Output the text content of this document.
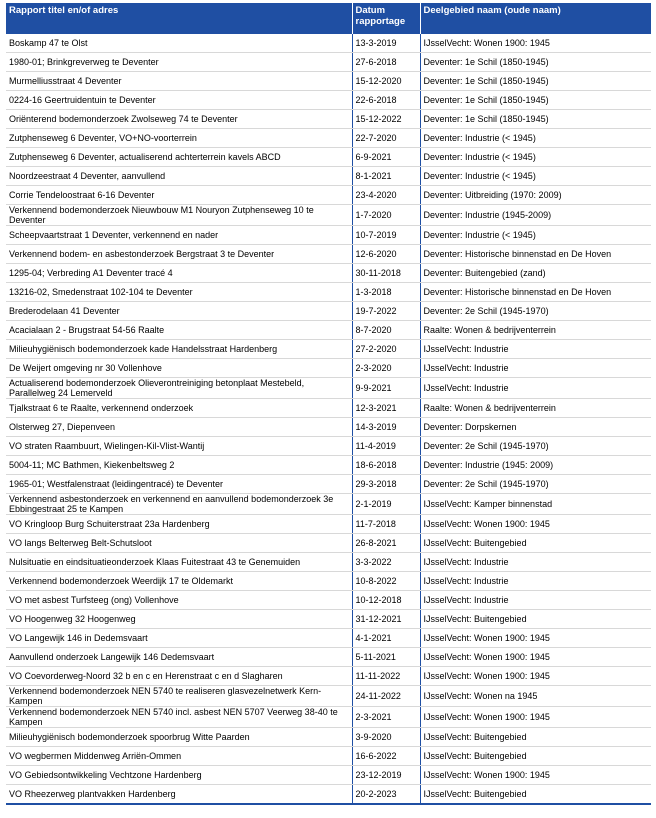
Rapport titel en/of adres	Datum rapportage	Deelgebied naam (oude naam)
Boskamp 47 te Olst	13-3-2019	IJsselVecht: Wonen 1900: 1945
1980-01; Brinkgreverweg te Deventer	27-6-2018	Deventer: 1e Schil (1850-1945)
Murmelliusstraat 4 Deventer	15-12-2020	Deventer: 1e Schil (1850-1945)
0224-16 Geertruidentuin te Deventer	22-6-2018	Deventer: 1e Schil (1850-1945)
Oriënterend bodemonderzoek Zwolseweg 74 te Deventer	15-12-2022	Deventer: 1e Schil (1850-1945)
Zutphenseweg 6 Deventer, VO+NO-voorterrein	22-7-2020	Deventer: Industrie (< 1945)
Zutphenseweg 6 Deventer, actualiserend achterterrein kavels ABCD	6-9-2021	Deventer: Industrie (< 1945)
Noordzeestraat 4 Deventer, aanvullend	8-1-2021	Deventer: Industrie (< 1945)
Corrie Tendeloostraat 6-16 Deventer	23-4-2020	Deventer: Uitbreiding (1970: 2009)
Verkennend bodemonderzoek Nieuwbouw M1 Nouryon Zutphenseweg 10 te Deventer	1-7-2020	Deventer: Industrie (1945-2009)
Scheepvaartstraat 1 Deventer, verkennend en nader	10-7-2019	Deventer: Industrie (< 1945)
Verkennend bodem- en asbestonderzoek Bergstraat 3 te Deventer	12-6-2020	Deventer: Historische binnenstad en De Hoven
1295-04; Verbreding A1 Deventer tracé 4	30-11-2018	Deventer: Buitengebied (zand)
13216-02, Smedenstraat 102-104 te Deventer	1-3-2018	Deventer: Historische binnenstad en De Hoven
Brederodelaan 41 Deventer	19-7-2022	Deventer: 2e Schil (1945-1970)
Acacialaan 2 - Brugstraat 54-56 Raalte	8-7-2020	Raalte: Wonen & bedrijventerrein
Milieuhygiënisch bodemonderzoek kade Handelsstraat Hardenberg	27-2-2020	IJsselVecht: Industrie
De Weijert omgeving nr 30 Vollenhove	2-3-2020	IJsselVecht: Industrie
Actualiserend bodemonderzoek Olieverontreiniging betonplaat Mestebeld, Parallelweg 24 Lemerveld	9-9-2021	IJsselVecht: Industrie
Tjalkstraat 6 te Raalte, verkennend onderzoek	12-3-2021	Raalte: Wonen & bedrijventerrein
Olsterweg 27, Diepenveen	14-3-2019	Deventer: Dorpskernen
VO straten Raambuurt, Wielingen-Kil-Vlist-Wantij	11-4-2019	Deventer: 2e Schil (1945-1970)
5004-11; MC Bathmen, Kiekenbeltsweg 2	18-6-2018	Deventer: Industrie (1945: 2009)
1965-01; Westfalenstraat (leidingentracé) te Deventer	29-3-2018	Deventer: 2e Schil (1945-1970)
Verkennend asbestonderzoek en verkennend en aanvullend bodemonderzoek 3e Ebbingestraat 25 te Kampen	2-1-2019	IJsselVecht: Kamper binnenstad
VO Kringloop Burg Schuiterstraat 23a Hardenberg	11-7-2018	IJsselVecht: Wonen 1900: 1945
VO langs Belterweg Belt-Schutsloot	26-8-2021	IJsselVecht: Buitengebied
Nulsituatie en eindsituatieonderzoek Klaas Fuitestraat 43 te Genemuiden	3-3-2022	IJsselVecht: Industrie
Verkennend bodemonderzoek Weerdijk 17 te Oldemarkt	10-8-2022	IJsselVecht: Industrie
VO met asbest Turfsteeg (ong) Vollenhove	10-12-2018	IJsselVecht: Industrie
VO Hoogenweg 32 Hoogenweg	31-12-2021	IJsselVecht: Buitengebied
VO Langewijk 146 in Dedemsvaart	4-1-2021	IJsselVecht: Wonen 1900: 1945
Aanvullend onderzoek Langewijk 146 Dedemsvaart	5-11-2021	IJsselVecht: Wonen 1900: 1945
VO Coevorderweg-Noord 32 b en c en Herenstraat c en d Slagharen	11-11-2022	IJsselVecht: Wonen 1900: 1945
Verkennend bodemonderzoek NEN 5740 te realiseren glasvezelnetwerk Kern-Kampen	24-11-2022	IJsselVecht: Wonen na 1945
Verkennend bodemonderzoek NEN 5740 incl. asbest NEN 5707 Veerweg 38-40 te Kampen	2-3-2021	IJsselVecht: Wonen 1900: 1945
Milieuhygiënisch bodemonderzoek spoorbrug Witte Paarden	3-9-2020	IJsselVecht: Buitengebied
VO wegbermen Middenweg Arriën-Ommen	16-6-2022	IJsselVecht: Buitengebied
VO Gebiedsontwikkeling Vechtzone Hardenberg	23-12-2019	IJsselVecht: Wonen 1900: 1945
VO Rheezerweg plantvakken Hardenberg	20-2-2023	IJsselVecht: Buitengebied
